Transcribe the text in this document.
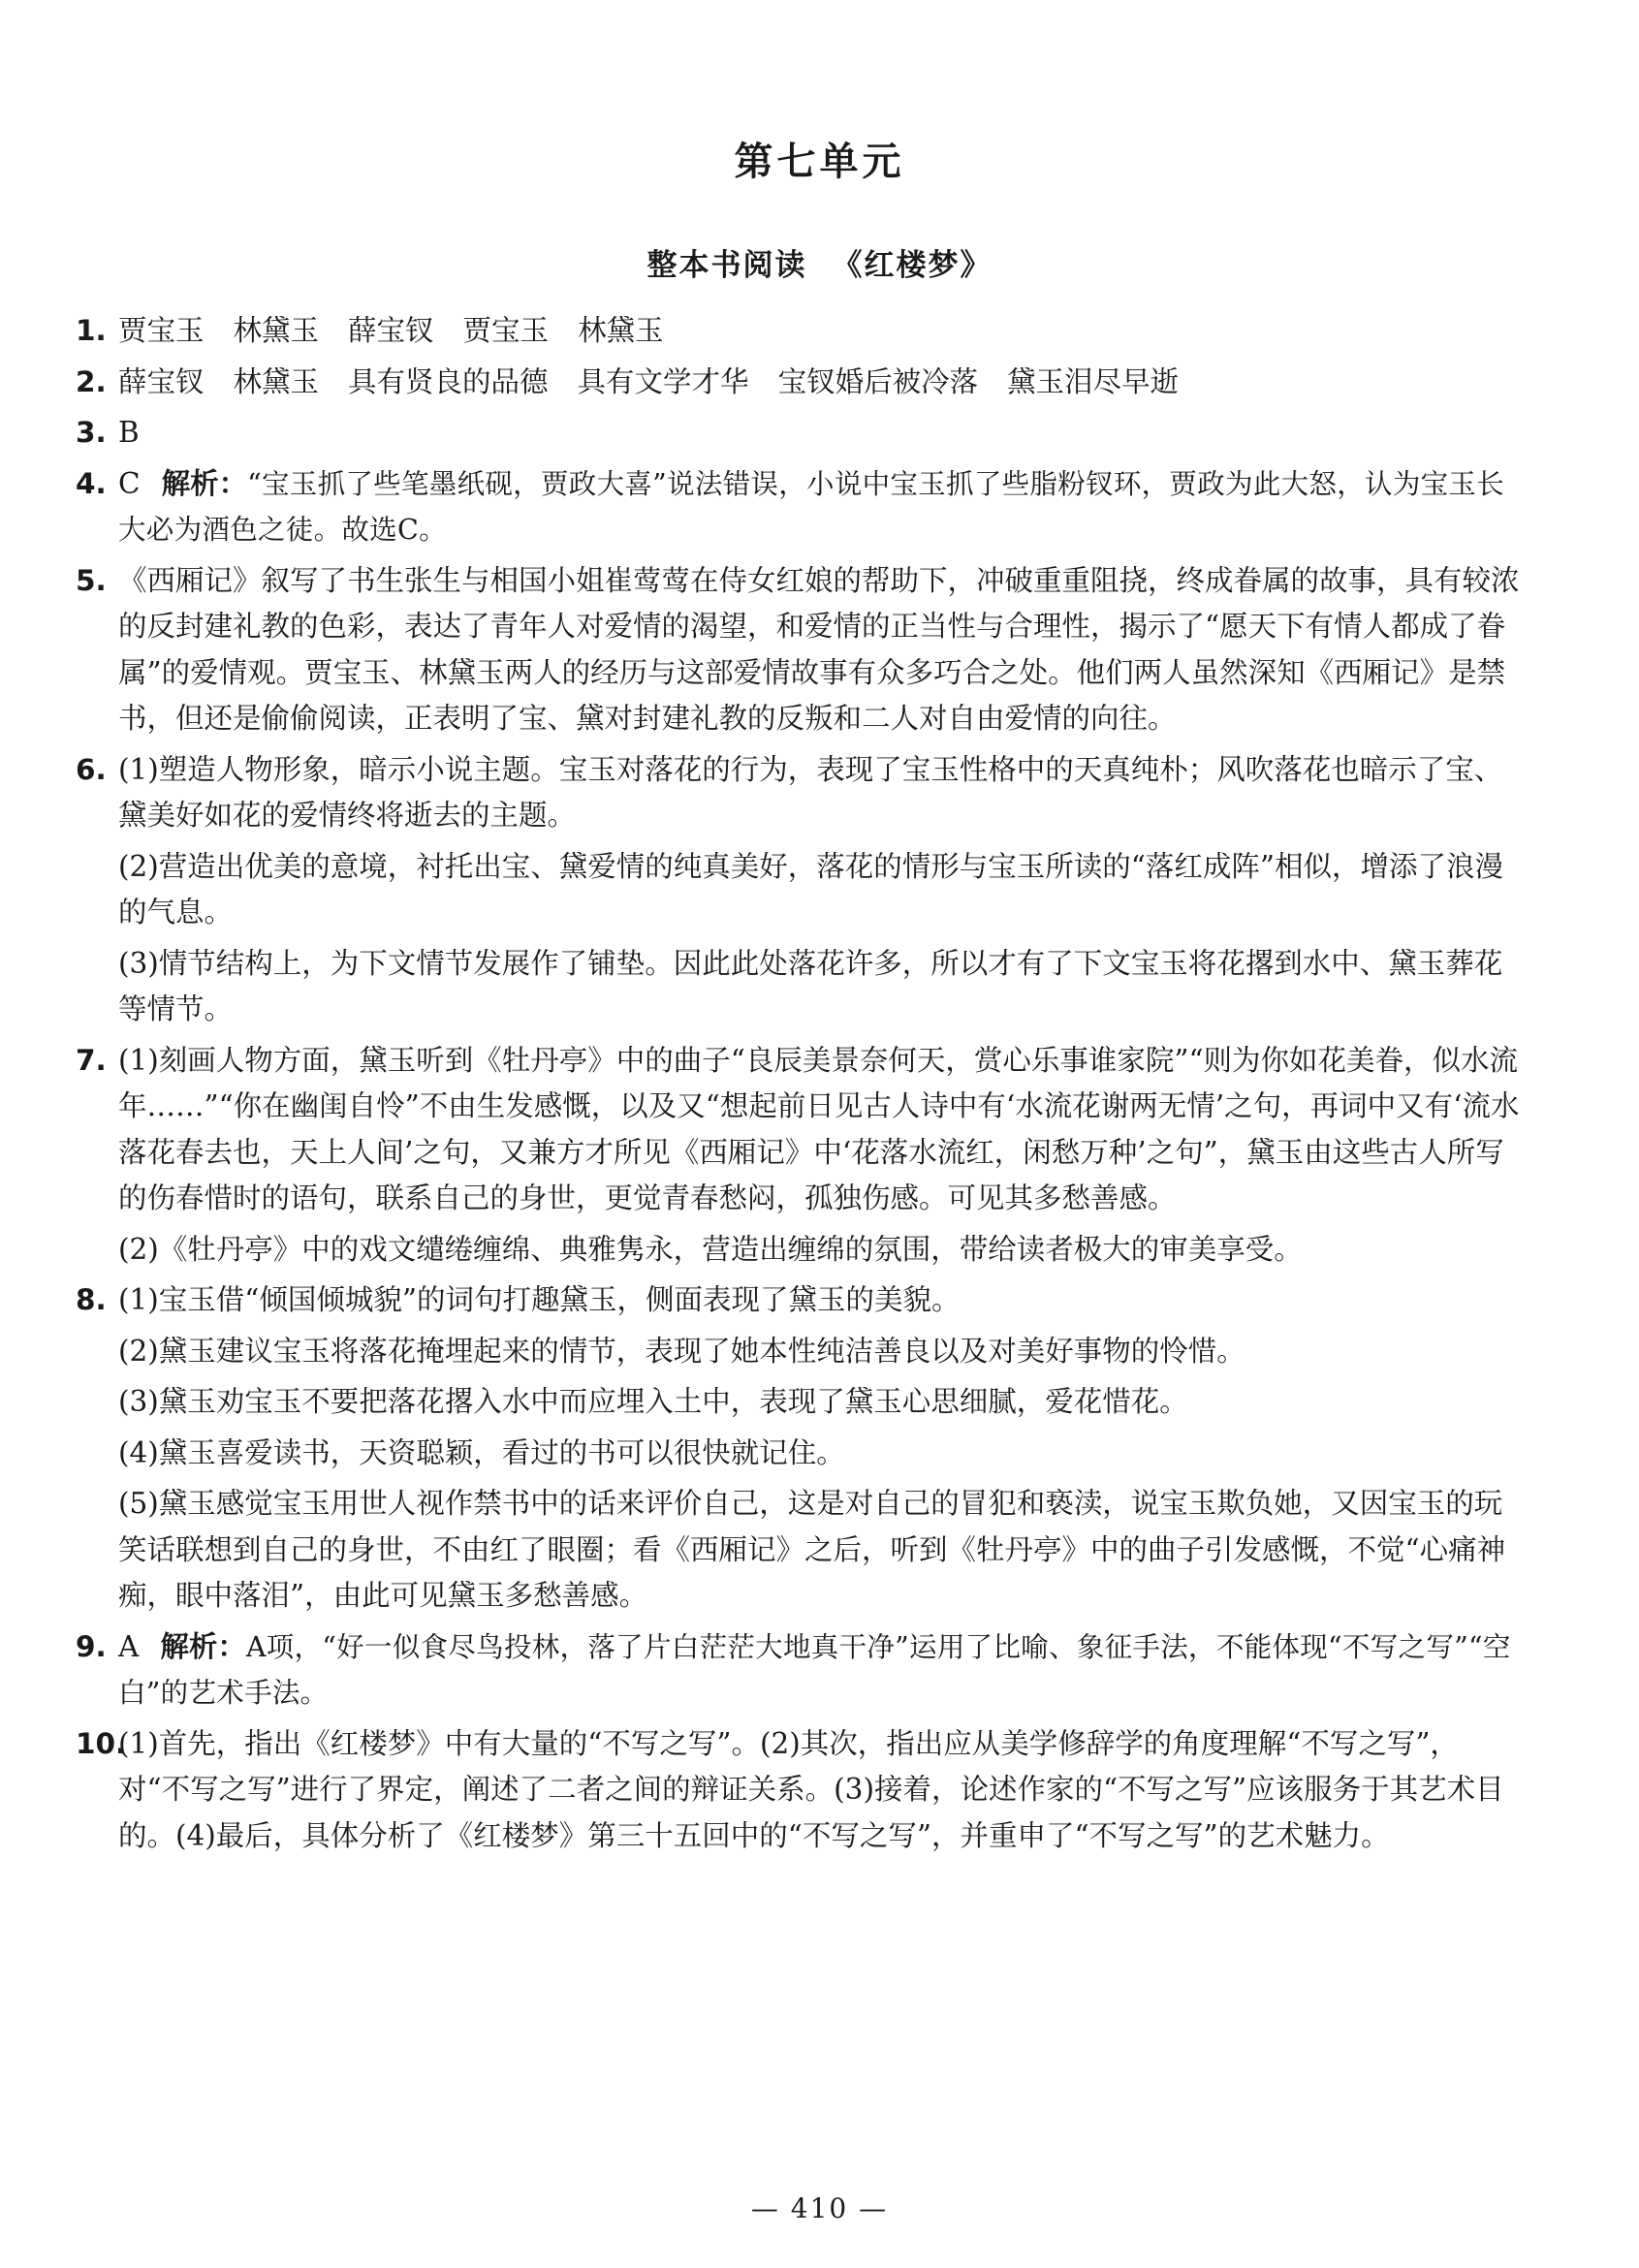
第七单元
整本书阅读 《红楼梦》
1. 贾宝玉 林黛玉 薛宝钗 贾宝玉 林黛玉
2. 薛宝钗 林黛玉 具有贤良的品德 具有文学才华 宝钗婚后被冷落 黛玉泪尽早逝
3. B
4. C 解析：“宝玉抓了些笔墨纸砚，贾政大喜”说法错误，小说中宝玉抓了些脂粉钗环，贾政为此大怒，认为宝玉长大必为酒色之徒。故选C。
5. 《西厢记》叙写了书生张生与相国小姐崔莺莺在侍女红娘的帮助下，冲破重重阻挠，终成眷属的故事，具有较浓的反封建礼教的色彩，表达了青年人对爱情的渴望，和爱情的正当性与合理性，揭示了“愿天下有情人都成了眷属”的爱情观。贾宝玉、林黛玉两人的经历与这部爱情故事有众多巧合之处。他们两人虽然深知《西厢记》是禁书，但还是偷偷阅读，正表明了宝、黛对封建礼教的反叛和二人对自由爱情的向往。
6. (1)塑造人物形象，暗示小说主题。宝玉对落花的行为，表现了宝玉性格中的天真纯朴；风吹落花也暗示了宝、黛美好如花的爱情终将逝去的主题。
(2)营造出优美的意境，衬托出宝、黛爱情的纯真美好，落花的情形与宝玉所读的“落红成阵”相似，增添了浪漫的气息。
(3)情节结构上，为下文情节发展作了铺垫。因此此处落花许多，所以才有了下文宝玉将花撂到水中、黛玉葬花等情节。
7. (1)刻画人物方面，黛玉听到《牡丹亭》中的曲子“良辰美景奈何天，赏心乐事谁家院”“则为你如花美眷，似水流年……”“你在幽闺自怜”不由生发感慨，以及又“想起前日见古人诗中有‘水流花谢两无情’之句，再词中又有‘流水落花春去也，天上人间’之句，又兼方才所见《西厢记》中‘花落水流红，闲愁万种’之句”，黛玉由这些古人所写的伤春惜时的语句，联系自己的身世，更觉青春愁闷，孤独伤感。可见其多愁善感。
(2)《牡丹亭》中的戏文缱绻缠绵、典雅隽永，营造出缠绵的氛围，带给读者极大的审美享受。
8. (1)宝玉借“倾国倾城貌”的词句打趣黛玉，侧面表现了黛玉的美貌。
(2)黛玉建议宝玉将落花掩埋起来的情节，表现了她本性纯洁善良以及对美好事物的怜惜。
(3)黛玉劝宝玉不要把落花撂入水中而应埋入土中，表现了黛玉心思细腻，爱花惜花。
(4)黛玉喜爱读书，天资聪颖，看过的书可以很快就记住。
(5)黛玉感觉宝玉用世人视作禁书中的话来评价自己，这是对自己的冒犯和亵渎，说宝玉欺负她，又因宝玉的玩笑话联想到自己的身世，不由红了眼圈；看《西厢记》之后，听到《牡丹亭》中的曲子引发感慨，不觉“心痛神痴，眼中落泪”，由此可见黛玉多愁善感。
9. A 解析：A项，“好一似食尽鸟投林，落了片白茫茫大地真干净”运用了比喻、象征手法，不能体现“不写之写”“空白”的艺术手法。
10.
(1)首先，指出《红楼梦》中有大量的“不写之写”。(2)其次，指出应从美学修辞学的角度理解“不写之写”，对“不写之写”进行了界定，阐述了二者之间的辩证关系。(3)接着，论述作家的“不写之写”应该服务于其艺术目的。(4)最后，具体分析了《红楼梦》第三十五回中的“不写之写”，并重申了“不写之写”的艺术魅力。
— 410 —
